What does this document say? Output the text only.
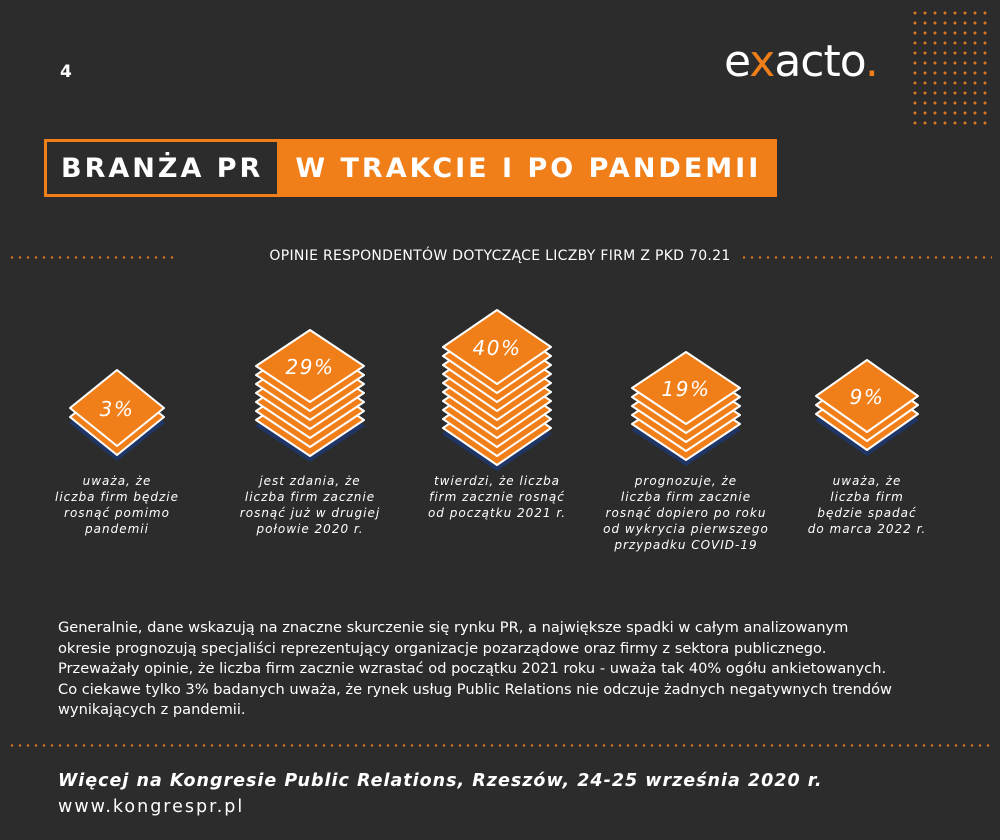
4	exacto.
BRANŻA PR	W TRAKCIE I PO PANDEMII
OPINIE RESPONDENTÓW DOTYCZĄCE LICZBY FIRM Z PKD 70.21
3%
29%
40%
19%	9%
uważa, że
liczba firm będzie
rosnąć pomimo
pandemii
jest zdania, że
liczba firm zacznie
rosnąć już w drugiej
połowie 2020 r.
twierdzi, że liczba
firm zacznie rosnąć
od początku 2021 r.
prognozuje, że
liczba firm zacznie
rosnąć dopiero po roku
od wykrycia pierwszego
przypadku COVID-19
uważa, że
liczba firm
będzie spadać
do marca 2022 r.
Generalnie, dane wskazują na znaczne skurczenie się rynku PR, a największe spadki w całym analizowanym
okresie prognozują specjaliści reprezentujący organizacje pozarządowe oraz firmy z sektora publicznego.
Przeważały opinie, że liczba firm zacznie wzrastać od początku 2021 roku - uważa tak 40% ogółu ankietowanych.
Co ciekawe tylko 3% badanych uważa, że rynek usług Public Relations nie odczuje żadnych negatywnych trendów
wynikających z pandemii.
Więcej na Kongresie Public Relations, Rzeszów, 24-25 września 2020 r.
www.kongrespr.pl
